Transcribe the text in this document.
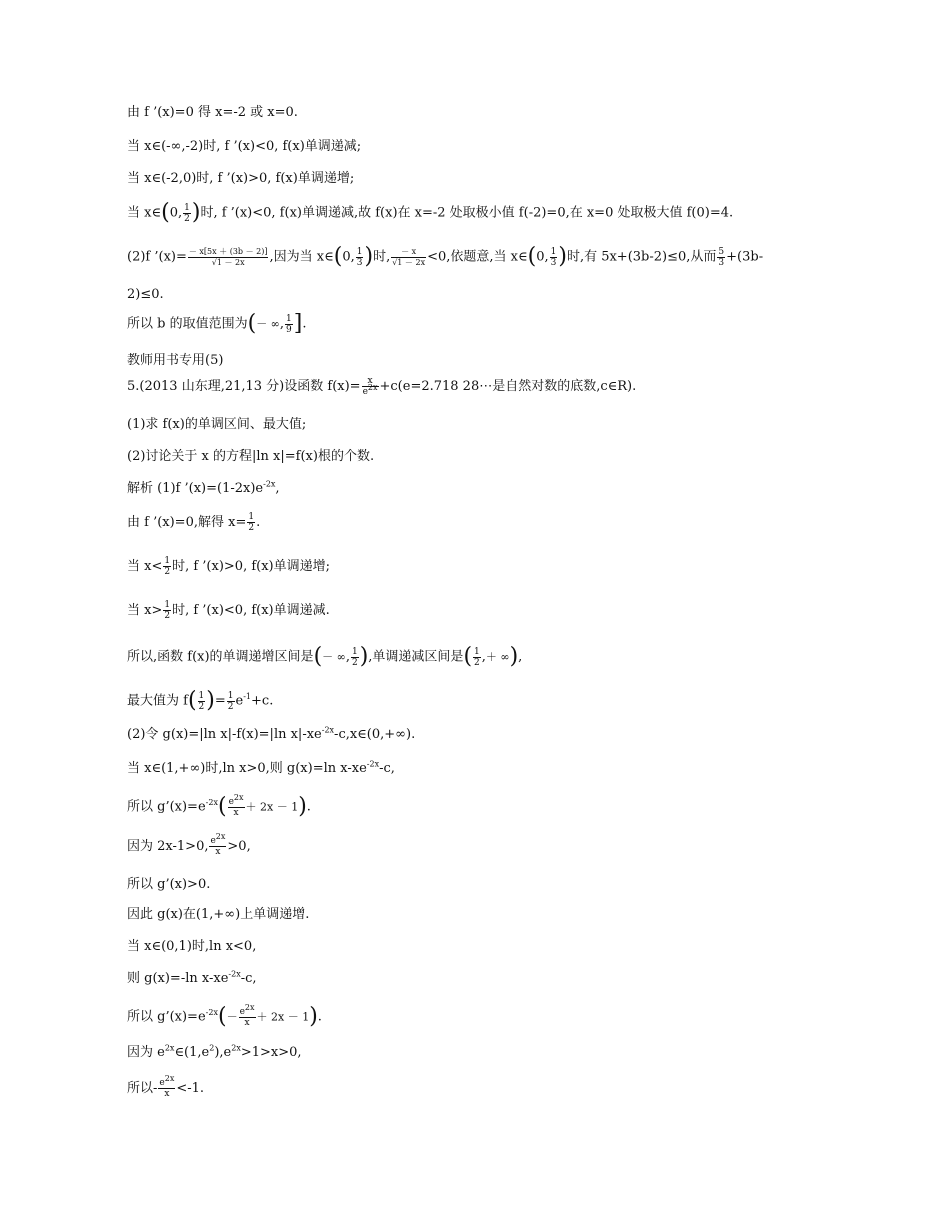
由 f ’(x)=0 得 x=-2 或 x=0.
当 x∈(-∞,-2)时, f ’(x)<0, f(x)单调递减;
当 x∈(-2,0)时, f ’(x)>0, f(x)单调递增;
当 x∈(0, $\frac{1}{2}$ )时, f ’(x)<0, f(x)单调递减,故 f(x)在 x=-2 处取极小值 f(-2)=0,在 x=0 处取极大值 f(0)=4.
(2)f ’(x)= $\frac{- x[5x + (3b - 2)]}{√1 - 2x}$ ,因为当 x∈(0, $\frac{1}{3}$ )时, $\frac{- x}{√1 - 2x} <0$,依题意,当 x∈(0, $\frac{1}{3}$ )时,有 5x+(3b-2)≤0,从而 $\frac{5}{3} +(3b-$
2)≤0.
所以 b 的取值范围为(－ ∞, $\frac{1}{9}$ ].
教师用书专用(5)
5.(2013 山东理,21,13 分)设函数 $f(x)= \frac{x}{e^{2x}} +c(e=2.718$ 28⋯是自然对数的底数,c∈R).
(1)求 f(x)的单调区间、最大值;
(2)讨论关于 x 的方程|ln x|=f(x)根的个数.
解析 (1)f $’(x)=(1-2x)e^{-2x}$,
由 f ’(x)=0,解得 $x= \frac{1}{2}$ .
当 $x< \frac{1}{2}$ 时, f ’(x)>0, f(x)单调递增;
当 $x> \frac{1}{2}$ 时, f ’(x)<0, f(x)单调递减.
所以,函数 f(x)的单调递增区间是(－ ∞, $\frac{1}{2}$ ),单调递减区间是( $\frac{1}{2}$ ,＋ ∞),
最大值为 $f( \frac{1}{2}$ )= $\frac{1}{2} e^{-1}+c$.
(2)令 g(x)=|ln x|-f(x)=|ln $x|-xe^{-2x}-c,x\in(0,+\infty)$.
当 x∈(1,+∞)时,ln x>0,则 g(x)=ln $x-xe^{-2x}-c$,
所以 $g’(x)=e^{-2x}( \frac{e^{2x}}{x} + 2x - 1)$.
因为 2x-1>0, $\frac{e^{2x}}{x} >0$,
所以 g’(x)>0.
因此 g(x)在(1,+∞)上单调递增.
当 x∈(0,1)时,ln x<0,
则 g(x)=-ln $x-xe^{-2x}-c$,
所以 $g’(x)=e^{-2x}(- \frac{e^{2x}}{x} + 2x - 1)$.
因为 $e^{2x}\in(1,e^2),e^{2x}>1>x>0$,
所以- $\frac{e^{2x}}{x} <-1$.
